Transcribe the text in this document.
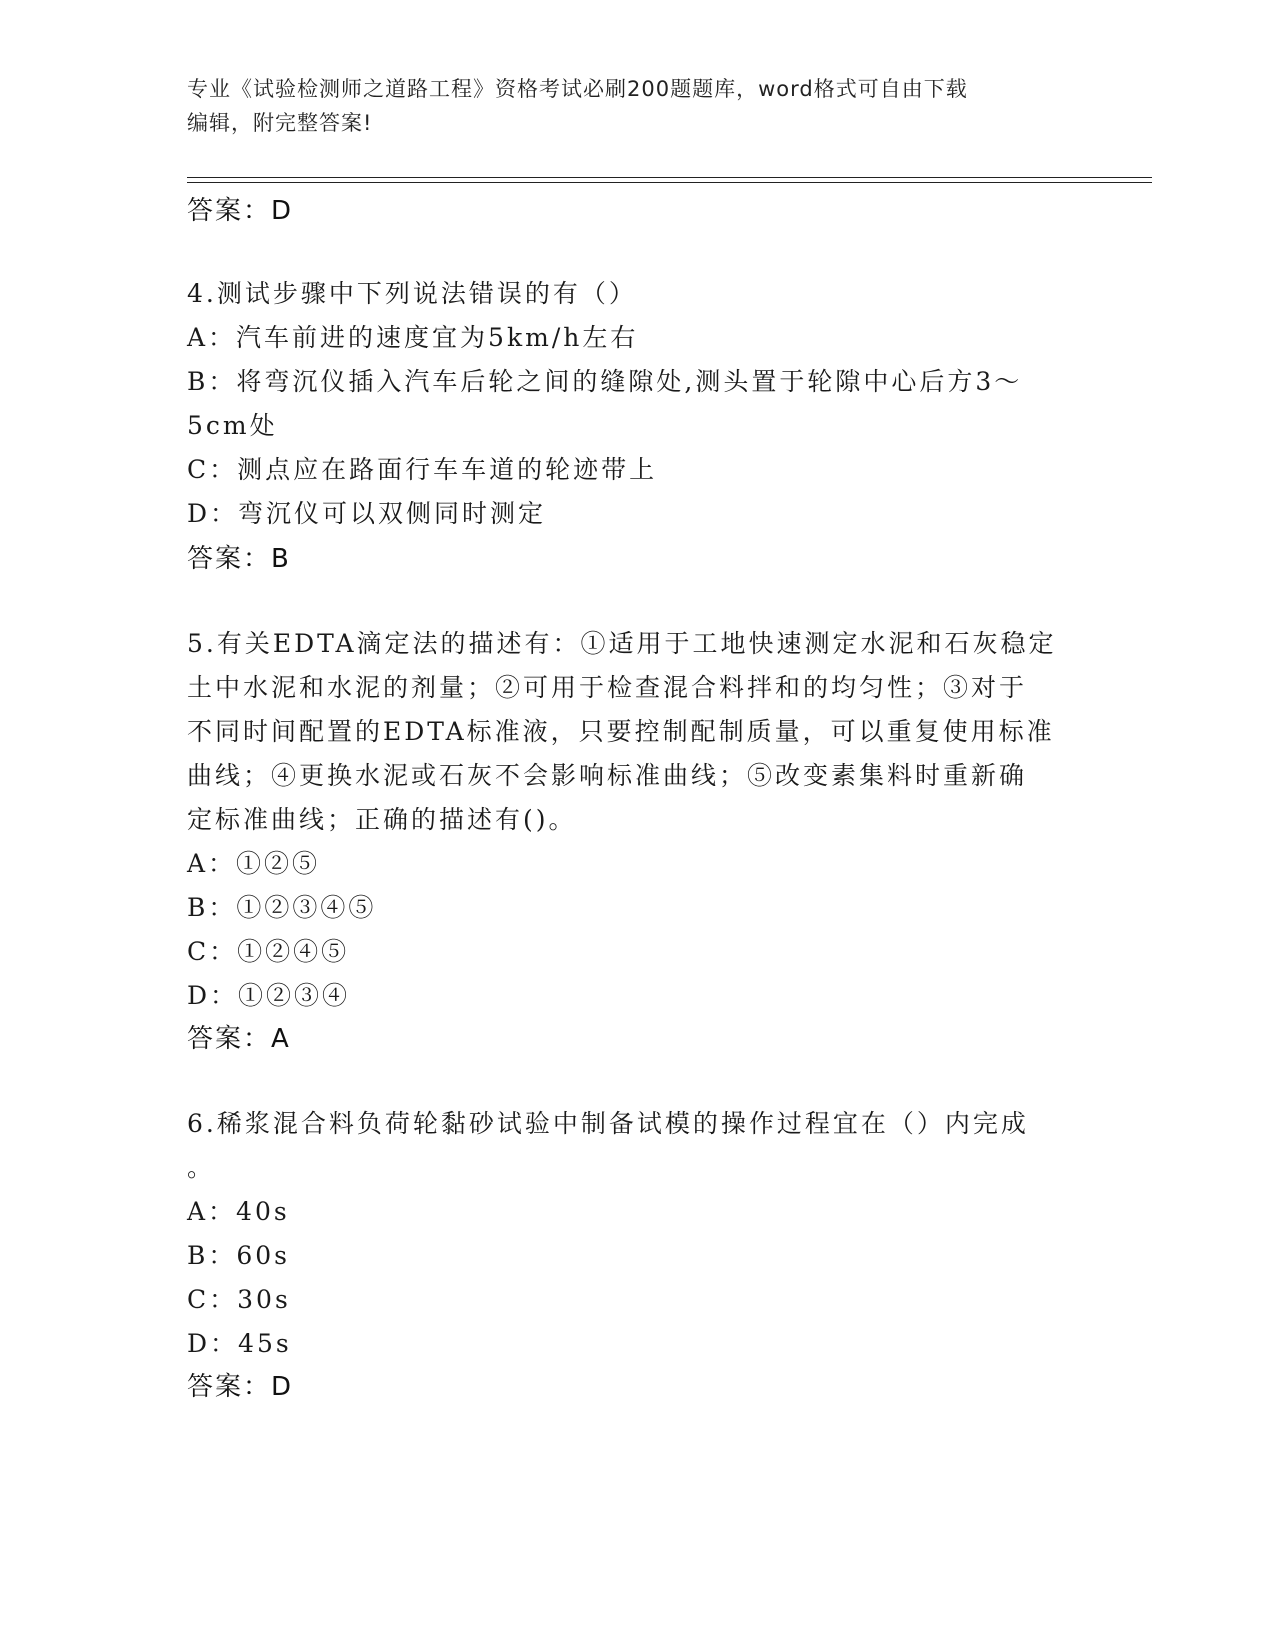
专业《试验检测师之道路工程》资格考试必刷200题题库，word格式可自由下载
编辑，附完整答案!
答案：D
4.测试步骤中下列说法错误的有（）
A：汽车前进的速度宜为5km/h左右
B：将弯沉仪插入汽车后轮之间的缝隙处,测头置于轮隙中心后方3～
5cm处
C：测点应在路面行车车道的轮迹带上
D：弯沉仪可以双侧同时测定
答案：B
5.有关EDTA滴定法的描述有：①适用于工地快速测定水泥和石灰稳定
土中水泥和水泥的剂量；②可用于检查混合料拌和的均匀性；③对于
不同时间配置的EDTA标准液，只要控制配制质量，可以重复使用标准
曲线；④更换水泥或石灰不会影响标准曲线；⑤改变素集料时重新确
定标准曲线；正确的描述有()。
A：①②⑤
B：①②③④⑤
C：①②④⑤
D：①②③④
答案：A
6.稀浆混合料负荷轮黏砂试验中制备试模的操作过程宜在（）内完成
。
A：40s
B：60s
C：30s
D：45s
答案：D
